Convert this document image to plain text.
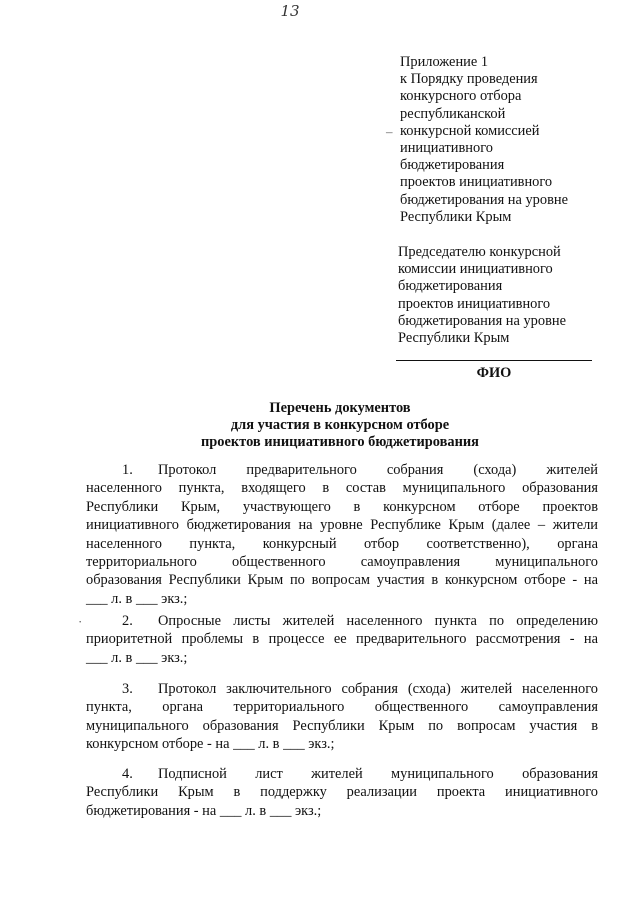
13
Приложение 1
к Порядку проведения
конкурсного отбора
республиканской
конкурсной комиссией
инициативного
бюджетирования
проектов инициативного
бюджетирования на уровне
Республики Крым
–
Председателю конкурсной
комиссии инициативного
бюджетирования
проектов инициативного
бюджетирования на уровне
Республики Крым
ФИО
Перечень документов
для участия в конкурсном отборе
проектов инициативного бюджетирования
1. Протокол предварительного собрания (схода) жителей
населенного пункта, входящего в состав муниципального образования
Республики Крым, участвующего в конкурсном отборе проектов
инициативного бюджетирования на уровне Республике Крым (далее – жители
населенного пункта, конкурсный отбор соответственно), органа
территориального общественного самоуправления муниципального
образования Республики Крым по вопросам участия в конкурсном отборе - на
___ л. в ___ экз.;
·	2. Опросные листы жителей населенного пункта по определению
приоритетной проблемы в процессе ее предварительного рассмотрения - на
___ л. в ___ экз.;
3. Протокол заключительного собрания (схода) жителей населенного
пункта, органа территориального общественного самоуправления
муниципального образования Республики Крым по вопросам участия в
конкурсном отборе - на ___ л. в ___ экз.;
4. Подписной лист жителей муниципального образования
Республики Крым в поддержку реализации проекта инициативного
бюджетирования - на ___ л. в ___ экз.;
